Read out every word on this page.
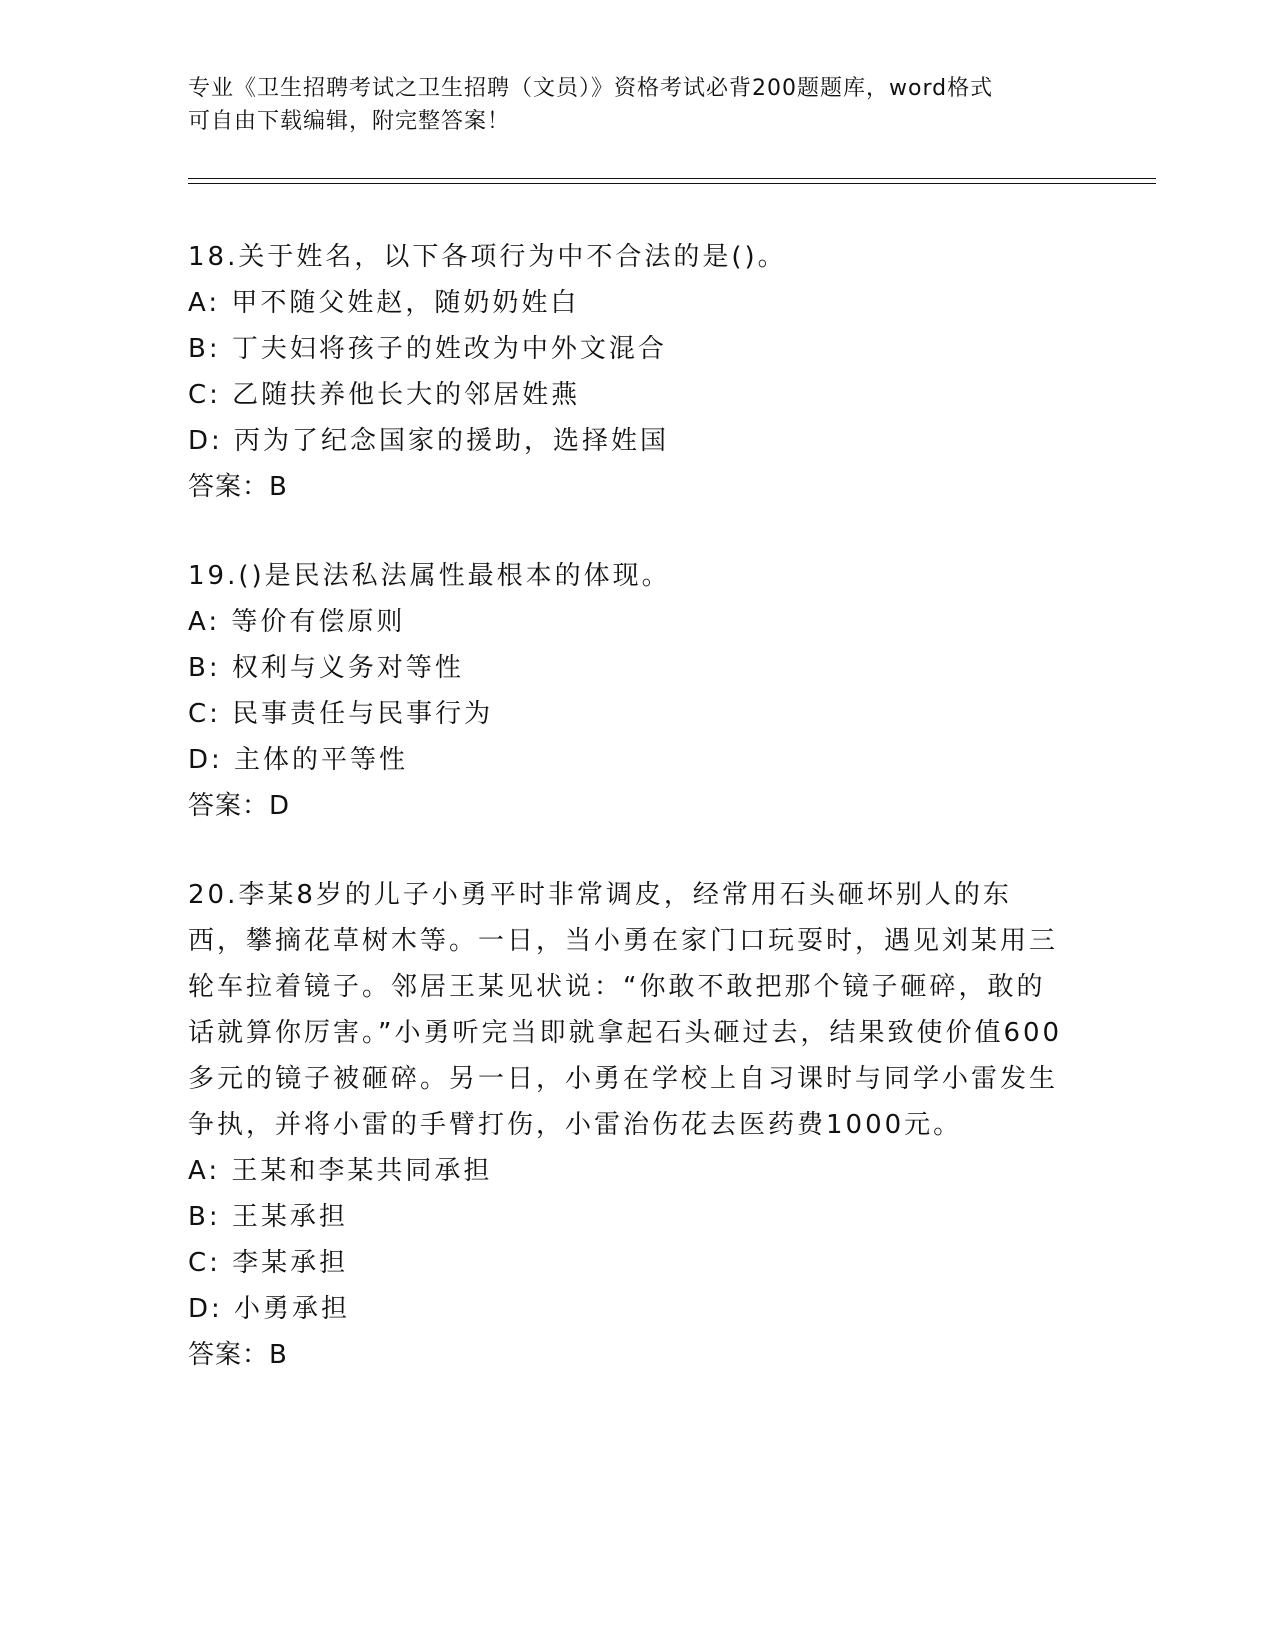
专业《卫生招聘考试之卫生招聘（文员）》资格考试必背200题题库，word格式
可自由下载编辑，附完整答案！

18.关于姓名，以下各项行为中不合法的是()。

A: 甲不随父姓赵，随奶奶姓白

B: 丁夫妇将孩子的姓改为中外文混合

C: 乙随扶养他长大的邻居姓燕

D: 丙为了纪念国家的援助，选择姓国

答案：B

19.()是民法私法属性最根本的体现。

A: 等价有偿原则

B: 权利与义务对等性

C: 民事责任与民事行为

D: 主体的平等性

答案：D

20.李某8岁的儿子小勇平时非常调皮，经常用石头砸坏别人的东西，攀摘花草树木等。一日，当小勇在家门口玩耍时，遇见刘某用三轮车拉着镜子。邻居王某见状说：“你敢不敢把那个镜子砸碎，敢的话就算你厉害。”小勇听完当即就拿起石头砸过去，结果致使价值600多元的镜子被砸碎。另一日，小勇在学校上自习课时与同学小雷发生争执，并将小雷的手臂打伤，小雷治伤花去医药费1000元。

A: 王某和李某共同承担

B: 王某承担

C: 李某承担

D: 小勇承担

答案：B
